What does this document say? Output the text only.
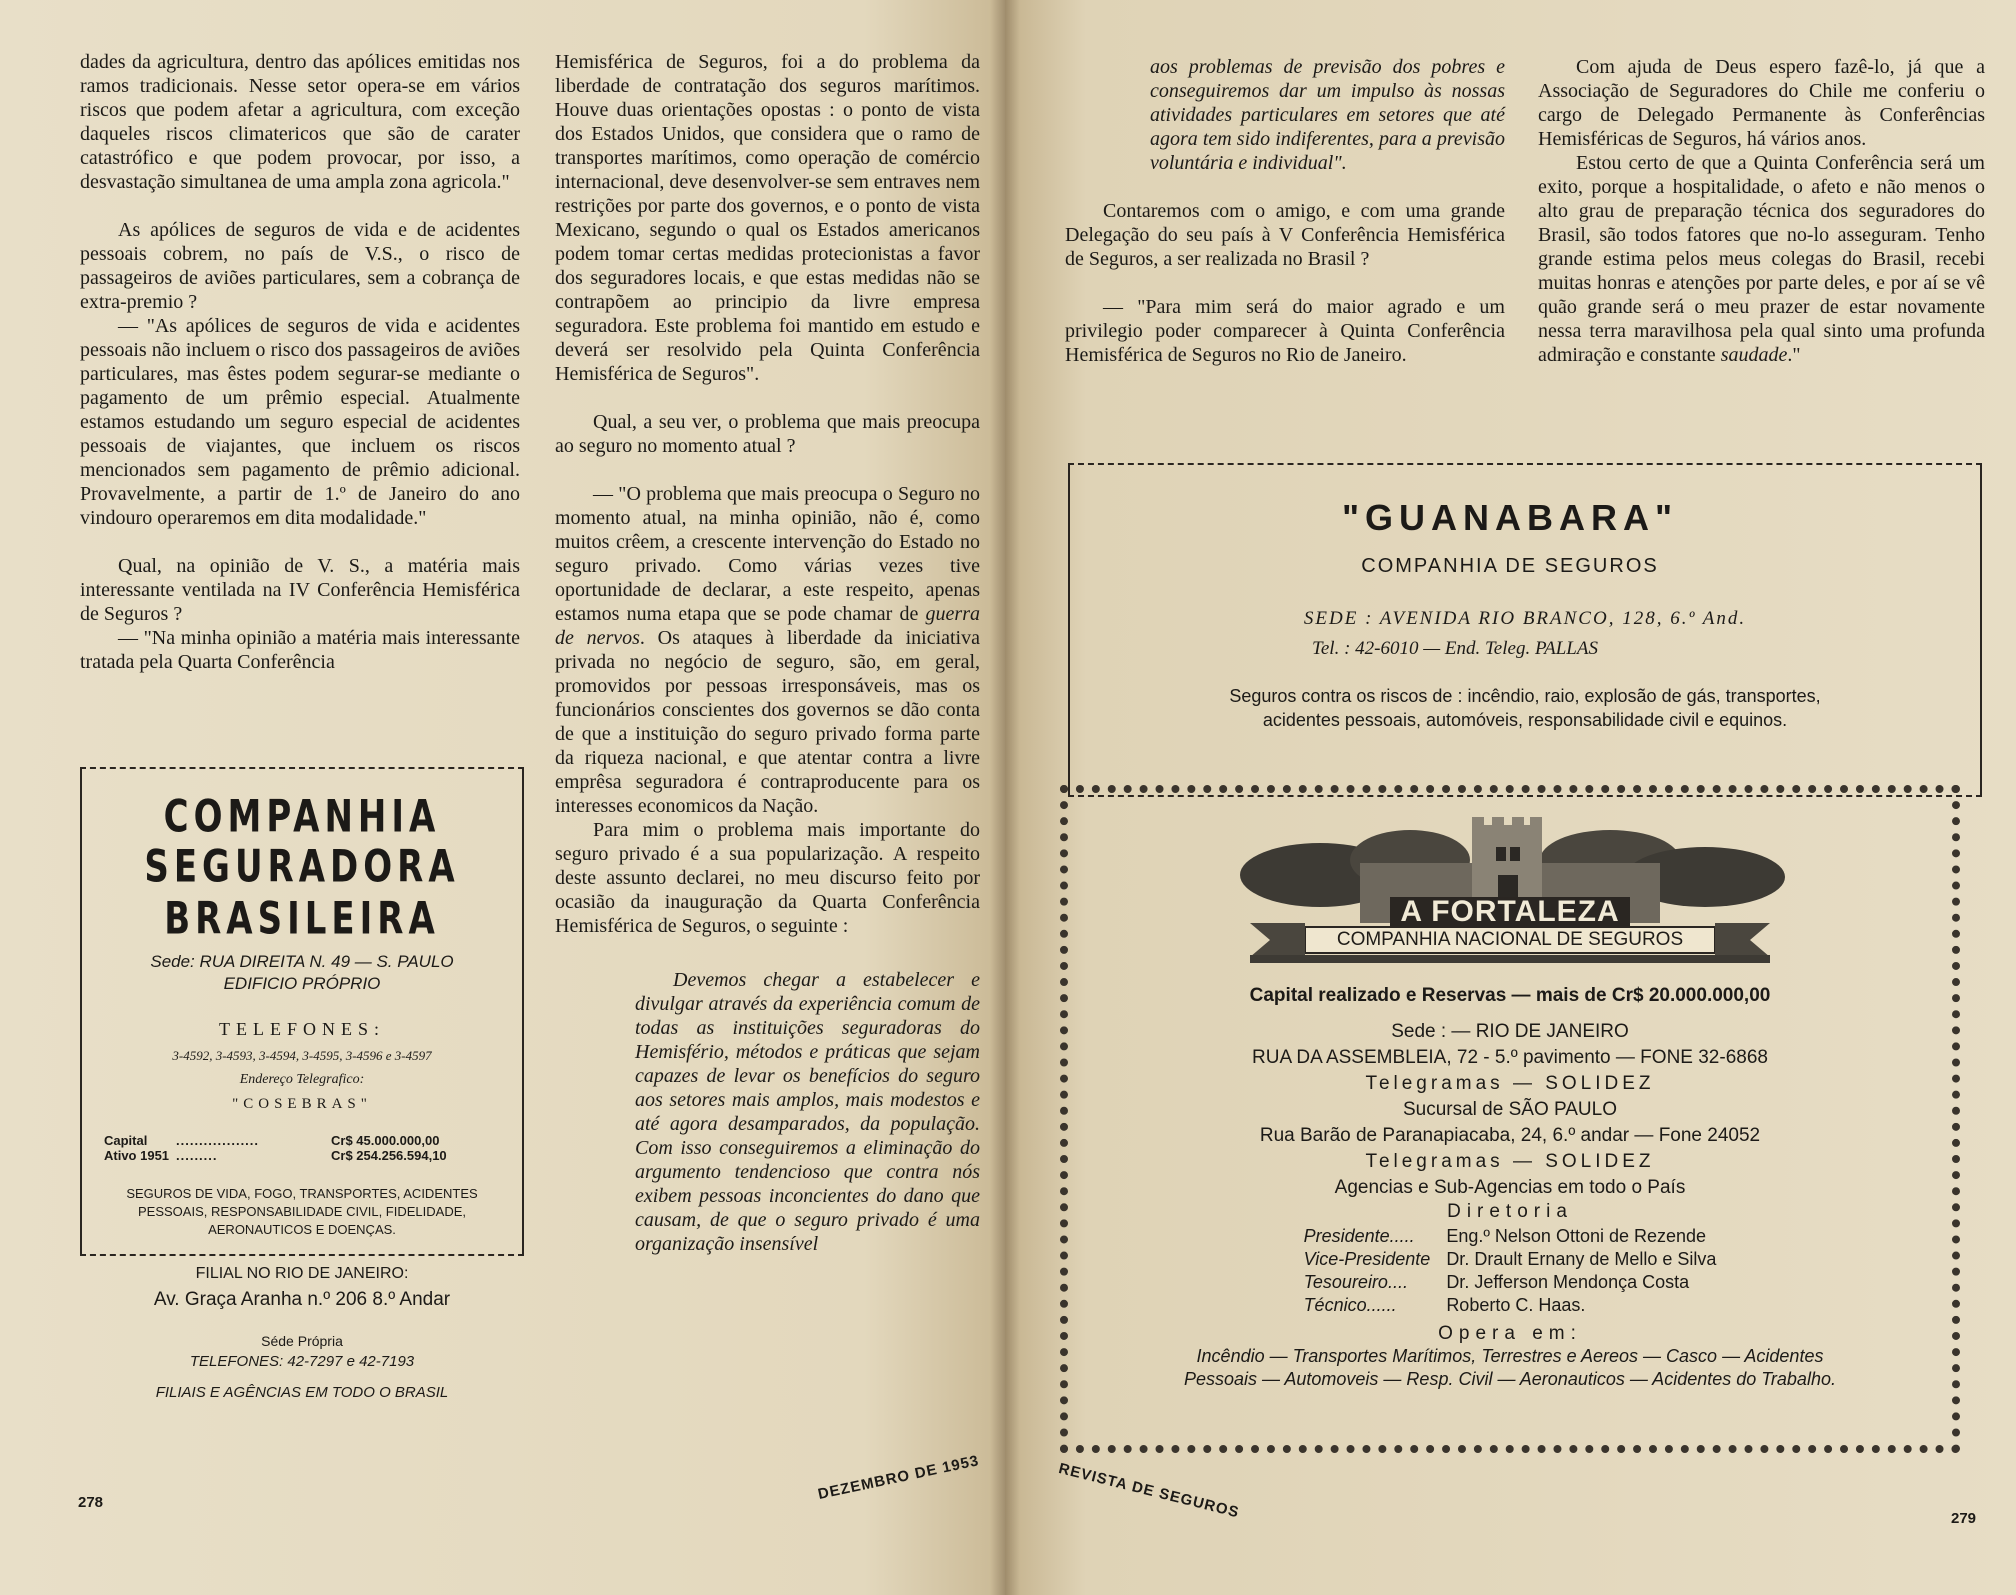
dades da agricultura, dentro das apólices emitidas nos ramos tradicionais. Nesse setor opera-se em vários riscos que podem afetar a agricultura, com exceção daqueles riscos climatericos que são de carater catastrófico e que podem provocar, por isso, a desvastação simultanea de uma ampla zona agricola."

As apólices de seguros de vida e de acidentes pessoais cobrem, no país de V.S., o risco de passageiros de aviões particulares, sem a cobrança de extra-premio ?

— "As apólices de seguros de vida e acidentes pessoais não incluem o risco dos passageiros de aviões particulares, mas êstes podem segurar-se mediante o pagamento de um prêmio especial. Atualmente estamos estudando um seguro especial de acidentes pessoais de viajantes, que incluem os riscos mencionados sem pagamento de prêmio adicional. Provavelmente, a partir de 1.º de Janeiro do ano vindouro operaremos em dita modalidade."

Qual, na opinião de V. S., a matéria mais interessante ventilada na IV Conferência Hemisférica de Seguros ?

— "Na minha opinião a matéria mais interessante tratada pela Quarta Conferência

Hemisférica de Seguros, foi a do problema da liberdade de contratação dos seguros marítimos. Houve duas orientações opostas : o ponto de vista dos Estados Unidos, que considera que o ramo de transportes marítimos, como operação de comércio internacional, deve desenvolver-se sem entraves nem restrições por parte dos governos, e o ponto de vista Mexicano, segundo o qual os Estados americanos podem tomar certas medidas protecionistas a favor dos seguradores locais, e que estas medidas não se contrapõem ao principio da livre empresa seguradora. Este problema foi mantido em estudo e deverá ser resolvido pela Quinta Conferência Hemisférica de Seguros".

Qual, a seu ver, o problema que mais preocupa ao seguro no momento atual ?

— "O problema que mais preocupa o Seguro no momento atual, na minha opinião, não é, como muitos crêem, a crescente intervenção do Estado no seguro privado. Como várias vezes tive oportunidade de declarar, a este respeito, apenas estamos numa etapa que se pode chamar de guerra de nervos. Os ataques à liberdade da iniciativa privada no negócio de seguro, são, em geral, promovidos por pessoas irresponsáveis, mas os funcionários conscientes dos governos se dão conta de que a instituição do seguro privado forma parte da riqueza nacional, e que atentar contra a livre emprêsa seguradora é contraproducente para os interesses economicos da Nação.

Para mim o problema mais importante do seguro privado é a sua popularização. A respeito deste assunto declarei, no meu discurso feito por ocasião da inauguração da Quarta Conferência Hemisférica de Seguros, o seguinte :

Devemos chegar a estabelecer e divulgar através da experiência comum de todas as instituições seguradoras do Hemisfério, métodos e práticas que sejam capazes de levar os benefícios do seguro aos setores mais amplos, mais modestos e até agora desamparados, da população. Com isso conseguiremos a eliminação do argumento tendencioso que contra nós exibem pessoas inconcientes do dano que causam, de que o seguro privado é uma organização insensível

COMPANHIA
SEGURADORA BRASILEIRA
Sede: RUA DIREITA N. 49 — S. PAULO
EDIFICIO PRÓPRIO
TELEFONES:
3-4592, 3-4593, 3-4594, 3-4595, 3-4596 e 3-4597
Endereço Telegrafico:
"COSEBRAS"
Capital	..................	Cr$ 45.000.000,00
Ativo 1951 .........	Cr$ 254.256.594,10
SEGUROS DE VIDA, FOGO, TRANSPORTES, ACIDENTES PESSOAIS, RESPONSABILIDADE CIVIL, FIDELIDADE, AERONAUTICOS E DOENÇAS.
FILIAL NO RIO DE JANEIRO:
Av. Graça Aranha n.º 206 8.º Andar
Séde Própria
TELEFONES: 42-7297 e 42-7193
FILIAIS E AGÊNCIAS EM TODO O BRASIL
278	DEZEMBRO DE 1953

aos problemas de previsão dos pobres e conseguiremos dar um impulso às nossas atividades particulares em setores que até agora tem sido indiferentes, para a previsão voluntária e individual".

Contaremos com o amigo, e com uma grande Delegação do seu país à V Conferência Hemisférica de Seguros, a ser realizada no Brasil ?

— "Para mim será do maior agrado e um privilegio poder comparecer à Quinta Conferência Hemisférica de Seguros no Rio de Janeiro.

Com ajuda de Deus espero fazê-lo, já que a Associação de Seguradores do Chile me conferiu o cargo de Delegado Permanente às Conferências Hemisféricas de Seguros, há vários anos.

Estou certo de que a Quinta Conferência será um exito, porque a hospitalidade, o afeto e não menos o alto grau de preparação técnica dos seguradores do Brasil, são todos fatores que no-lo asseguram. Tenho grande estima pelos meus colegas do Brasil, recebi muitas honras e atenções por parte deles, e por aí se vê quão grande será o meu prazer de estar novamente nessa terra maravilhosa pela qual sinto uma profunda admiração e constante saudade."

279
REVISTA DE SEGUROS
"GUANABARA"
COMPANHIA DE SEGUROS
SEDE : AVENIDA RIO BRANCO, 128, 6.º And.
Tel. : 42-6010 — End. Teleg. PALLAS
Seguros contra os riscos de : incêndio, raio, explosão de gás, transportes,
acidentes pessoais, automóveis, responsabilidade civil e equinos.
A FORTALEZA
COMPANHIA NACIONAL DE SEGUROS
Capital realizado e Reservas — mais de Cr$ 20.000.000,00
Sede : — RIO DE JANEIRO
RUA DA ASSEMBLEIA, 72 - 5.º pavimento — FONE 32-6868
Telegramas — SOLIDEZ
Sucursal de SÃO PAULO
Rua Barão de Paranapiacaba, 24, 6.º andar — Fone 24052
Telegramas — SOLIDEZ
Agencias e Sub-Agencias em todo o País
Diretoria
Presidente.....	Eng.º Nelson Ottoni de Rezende
Vice-Presidente	Dr. Drault Ernany de Mello e Silva
Tesoureiro....	Dr. Jefferson Mendonça Costa
Técnico......	Roberto C. Haas.
Opera em:
Incêndio — Transportes Marítimos, Terrestres e Aereos — Casco — Acidentes
Pessoais — Automoveis — Resp. Civil — Aeronauticos — Acidentes do Trabalho.
